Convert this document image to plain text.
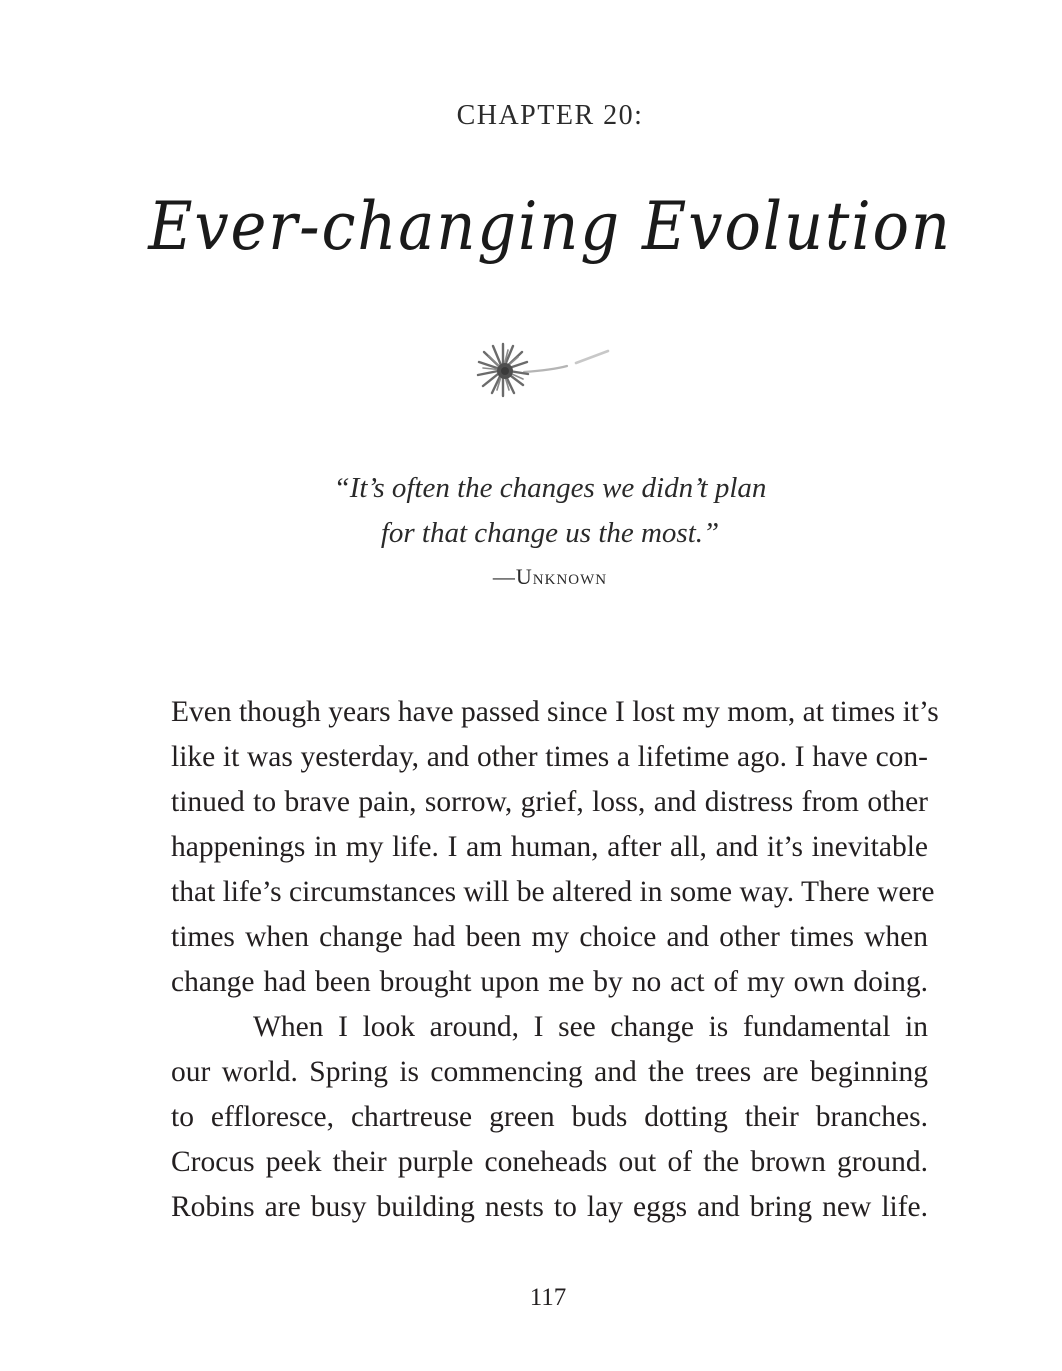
CHAPTER 20:
Ever-changing Evolution
“It’s often the changes we didn’t plan
for that change us the most.”
—Unknown
Even though years have passed since I lost my mom, at times it’s
like it was yesterday, and other times a lifetime ago. I have con-
tinued to brave pain, sorrow, grief, loss, and distress from other
happenings in my life. I am human, after all, and it’s inevitable
that life’s circumstances will be altered in some way. There were
times when change had been my choice and other times when
change had been brought upon me by no act of my own doing.
When I look around, I see change is fundamental in
our world. Spring is commencing and the trees are beginning
to effloresce, chartreuse green buds dotting their branches.
Crocus peek their purple coneheads out of the brown ground.
Robins are busy building nests to lay eggs and bring new life.
117
